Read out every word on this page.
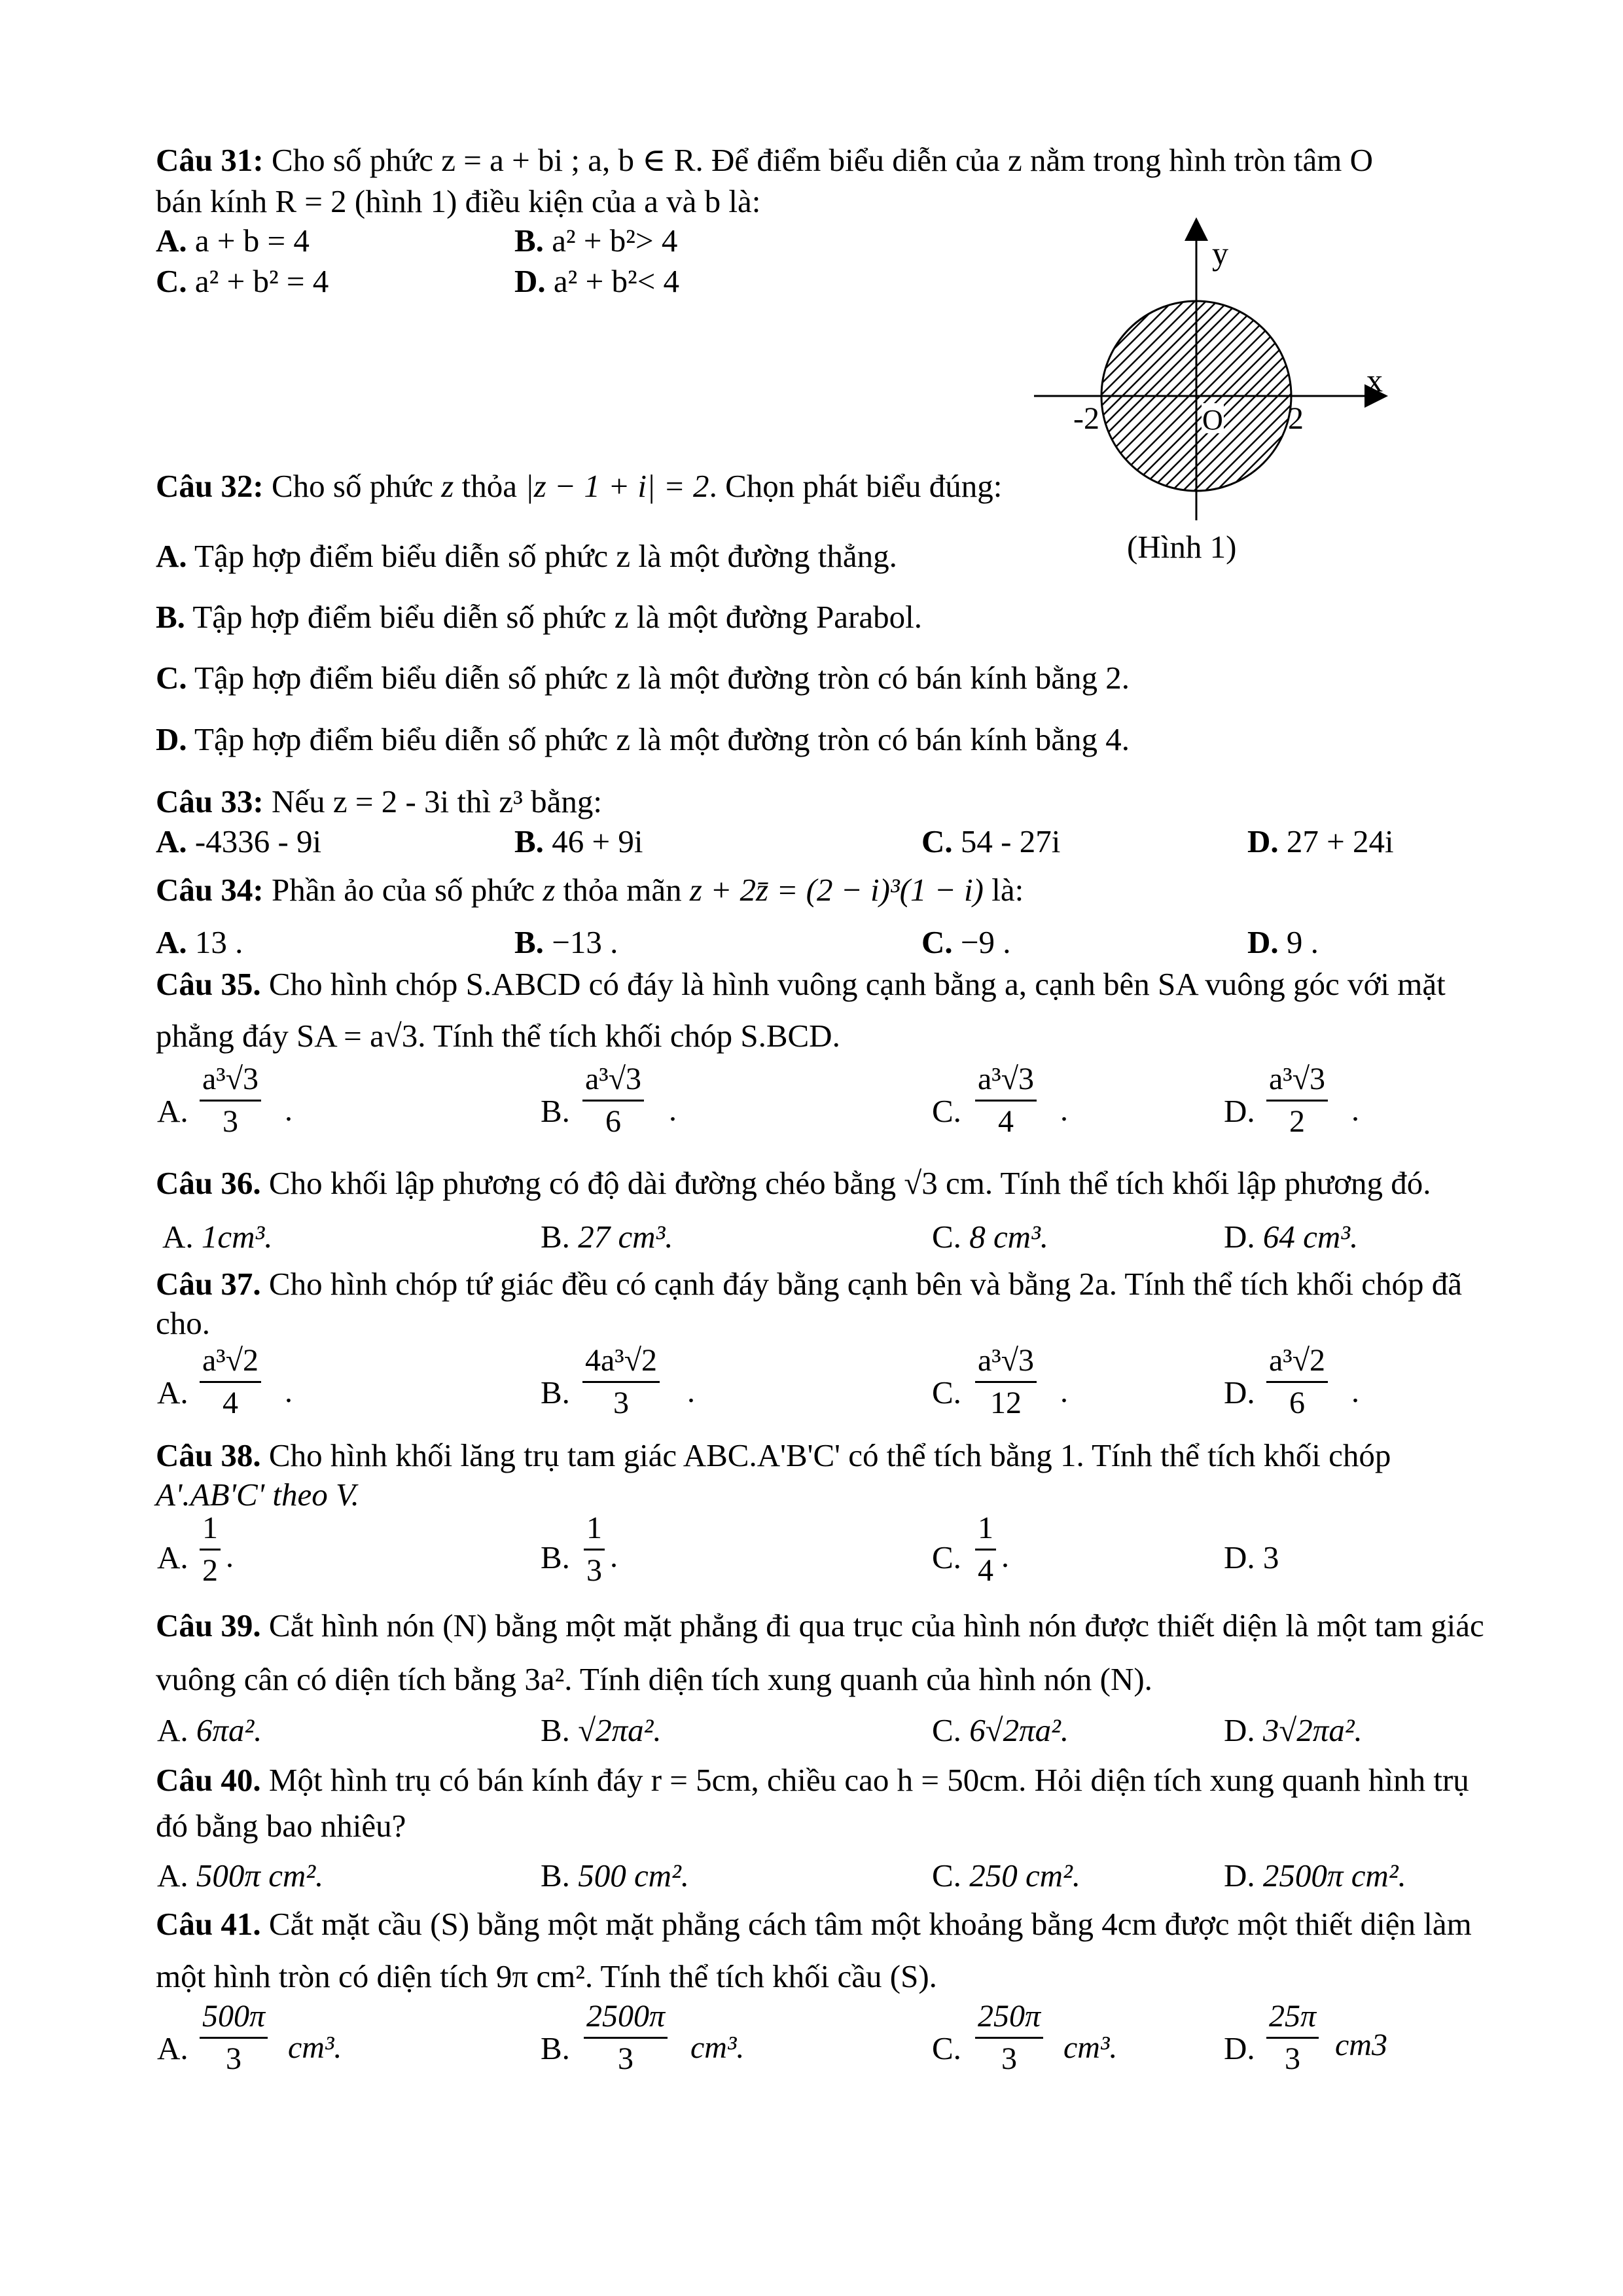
Câu 31: Cho số phức z = a + bi ; a, b ∈ R. Để điểm biểu diễn của z nằm trong hình tròn tâm O
bán kính R = 2 (hình 1) điều kiện của a và b là:
A. a + b = 4	B. a² + b²> 4
C. a² + b² = 4	D. a² + b²< 4
y
x
-2	2
O
(Hình 1)
Câu 32: Cho số phức z thỏa |z − 1 + i| = 2. Chọn phát biểu đúng:
A. Tập hợp điểm biểu diễn số phức z là một đường thẳng.
B. Tập hợp điểm biểu diễn số phức z là một đường Parabol.
C. Tập hợp điểm biểu diễn số phức z là một đường tròn có bán kính bằng 2.
D. Tập hợp điểm biểu diễn số phức z là một đường tròn có bán kính bằng 4.
Câu 33: Nếu z = 2 - 3i thì z³ bằng:
A. -4336 - 9i	B. 46 + 9i	C. 54 - 27i	D. 27 + 24i
Câu 34: Phần ảo của số phức z thỏa mãn z + 2z̄ = (2 − i)³(1 − i) là:
A. 13 .	B. −13 .	C. −9 .	D. 9 .
Câu 35. Cho hình chóp S.ABCD có đáy là hình vuông cạnh bằng a, cạnh bên SA vuông góc với mặt
phẳng đáy SA = a√3. Tính thể tích khối chóp S.BCD.
A.
a³√3
3	.	B.
a³√3
6	.	C.
a³√3
4	.	D.
a³√3
2	.
Câu 36. Cho khối lập phương có độ dài đường chéo bằng √3 cm. Tính thể tích khối lập phương đó.
A. 1cm³.	B. 27 cm³.	C. 8 cm³.	D. 64 cm³.
Câu 37. Cho hình chóp tứ giác đều có cạnh đáy bằng cạnh bên và bằng 2a. Tính thể tích khối chóp đã
cho.
A.
a³√2
4	.	B.
4a³√2
3	.	C.
a³√3
12	.	D.
a³√2
6	.
Câu 38. Cho hình khối lăng trụ tam giác ABC.A'B'C' có thể tích bằng 1. Tính thể tích khối chóp
A'.AB'C' theo V.
A.
1
2 .	B.
1
3 .	C.
1
4 .	D. 3
Câu 39. Cắt hình nón (N) bằng một mặt phẳng đi qua trục của hình nón được thiết diện là một tam giác
vuông cân có diện tích bằng 3a². Tính diện tích xung quanh của hình nón (N).
A. 6πa².	B. √2πa².	C. 6√2πa².	D. 3√2πa².
Câu 40. Một hình trụ có bán kính đáy r = 5cm, chiều cao h = 50cm. Hỏi diện tích xung quanh hình trụ
đó bằng bao nhiêu?
A. 500π cm².	B. 500 cm².	C. 250 cm².	D. 2500π cm².
Câu 41. Cắt mặt cầu (S) bằng một mặt phẳng cách tâm một khoảng bằng 4cm được một thiết diện làm
một hình tròn có diện tích 9π cm². Tính thể tích khối cầu (S).
A.
500π
3	cm³.	B.
2500π
3	cm³.	C.
250π
3	cm³.	D.
25π
3	cm3
